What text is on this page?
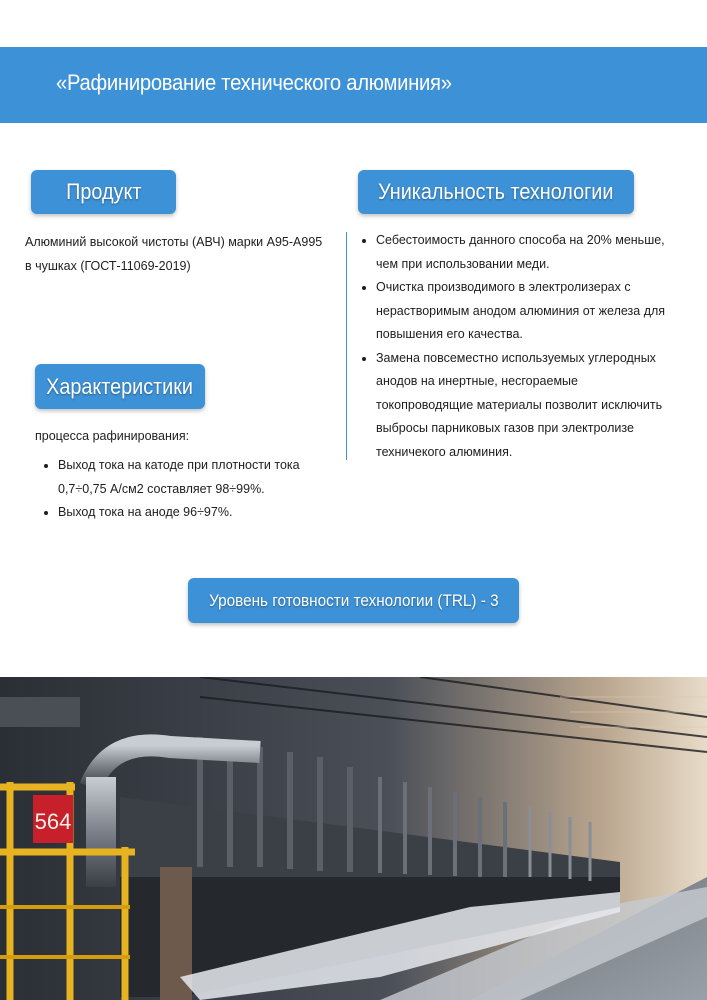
«Рафинирование технического алюминия»
Продукт
Алюминий высокой чистоты (АВЧ) марки А95-А995 в чушках (ГОСТ-11069-2019)
Уникальность технологии
Себестоимость данного способа на 20% меньше, чем при использовании меди.
Очистка производимого в электролизерах с нерастворимым анодом алюминия от железа для повышения его качества.
Замена повсеместно используемых углеродных анодов на инертные, несгораемые токопроводящие материалы позволит исключить выбросы парниковых газов при электролизе техничекого алюминия.
Характеристики
процесса рафинирования:
Выход тока на катоде при плотности тока 0,7÷0,75 А/см2 составляет 98÷99%.
Выход тока на аноде 96÷97%.
Уровень готовности технологии (TRL) - 3
564
